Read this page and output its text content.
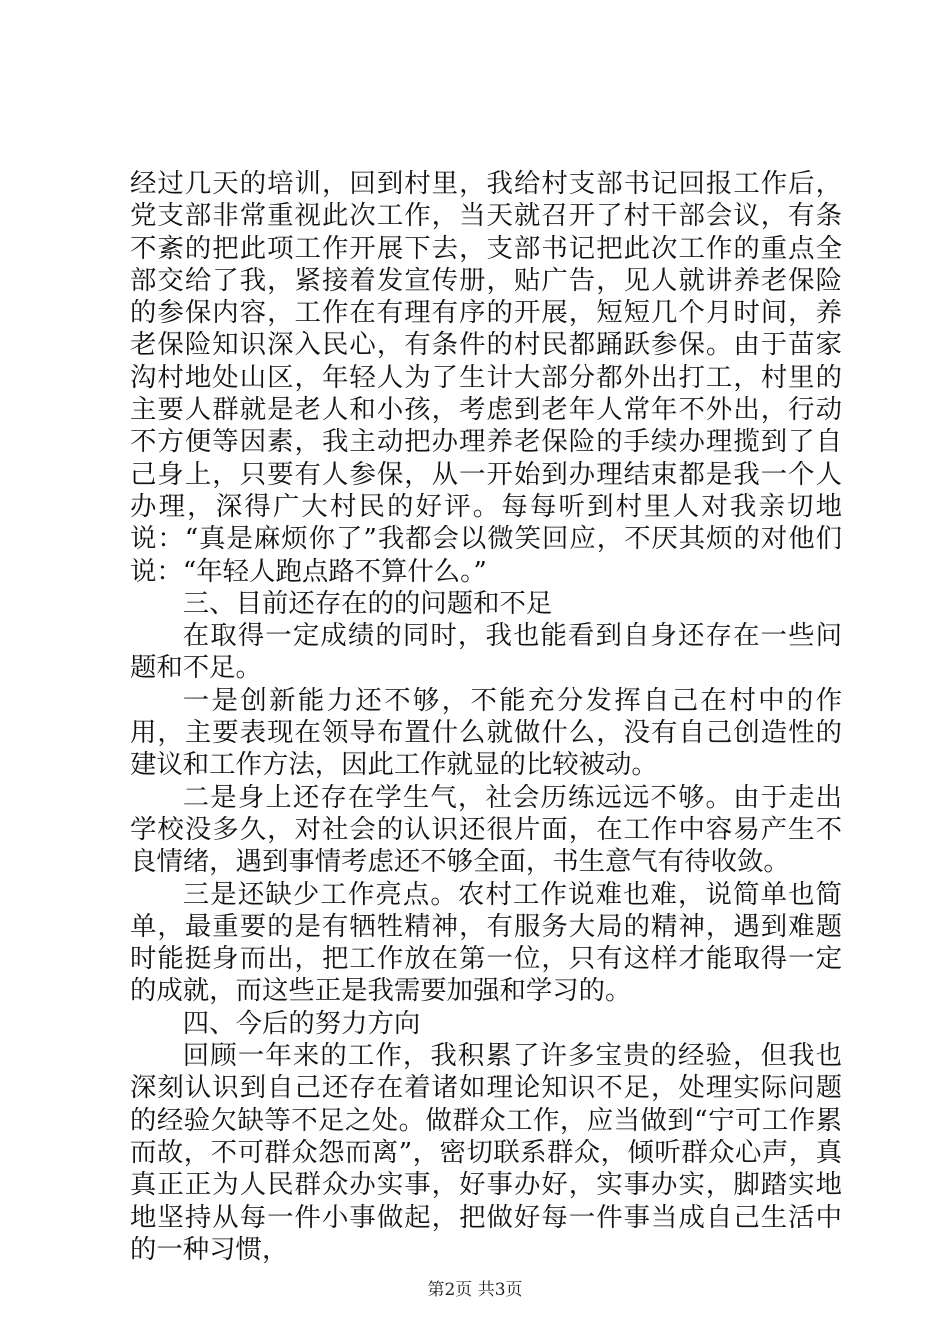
经过几天的培训，回到村里，我给村支部书记回报工作后，党支部非常重视此次工作，当天就召开了村干部会议，有条不紊的把此项工作开展下去，支部书记把此次工作的重点全部交给了我，紧接着发宣传册，贴广告，见人就讲养老保险的参保内容，工作在有理有序的开展，短短几个月时间，养老保险知识深入民心，有条件的村民都踊跃参保。由于苗家沟村地处山区，年轻人为了生计大部分都外出打工，村里的主要人群就是老人和小孩，考虑到老年人常年不外出，行动不方便等因素，我主动把办理养老保险的手续办理揽到了自己身上，只要有人参保，从一开始到办理结束都是我一个人办理，深得广大村民的好评。每每听到村里人对我亲切地说：“真是麻烦你了”我都会以微笑回应，不厌其烦的对他们说：“年轻人跑点路不算什么。”

三、目前还存在的的问题和不足

在取得一定成绩的同时，我也能看到自身还存在一些问题和不足。

一是创新能力还不够，不能充分发挥自己在村中的作用，主要表现在领导布置什么就做什么，没有自己创造性的建议和工作方法，因此工作就显的比较被动。

二是身上还存在学生气，社会历练远远不够。由于走出学校没多久，对社会的认识还很片面，在工作中容易产生不良情绪，遇到事情考虑还不够全面，书生意气有待收敛。

三是还缺少工作亮点。农村工作说难也难，说简单也简单，最重要的是有牺牲精神，有服务大局的精神，遇到难题时能挺身而出，把工作放在第一位，只有这样才能取得一定的成就，而这些正是我需要加强和学习的。

四、今后的努力方向

回顾一年来的工作，我积累了许多宝贵的经验，但我也深刻认识到自己还存在着诸如理论知识不足，处理实际问题的经验欠缺等不足之处。做群众工作，应当做到“宁可工作累而故，不可群众怨而离”，密切联系群众，倾听群众心声，真真正正为人民群众办实事，好事办好，实事办实，脚踏实地地坚持从每一件小事做起，把做好每一件事当成自己生活中的一种习惯，

第2页 共3页
